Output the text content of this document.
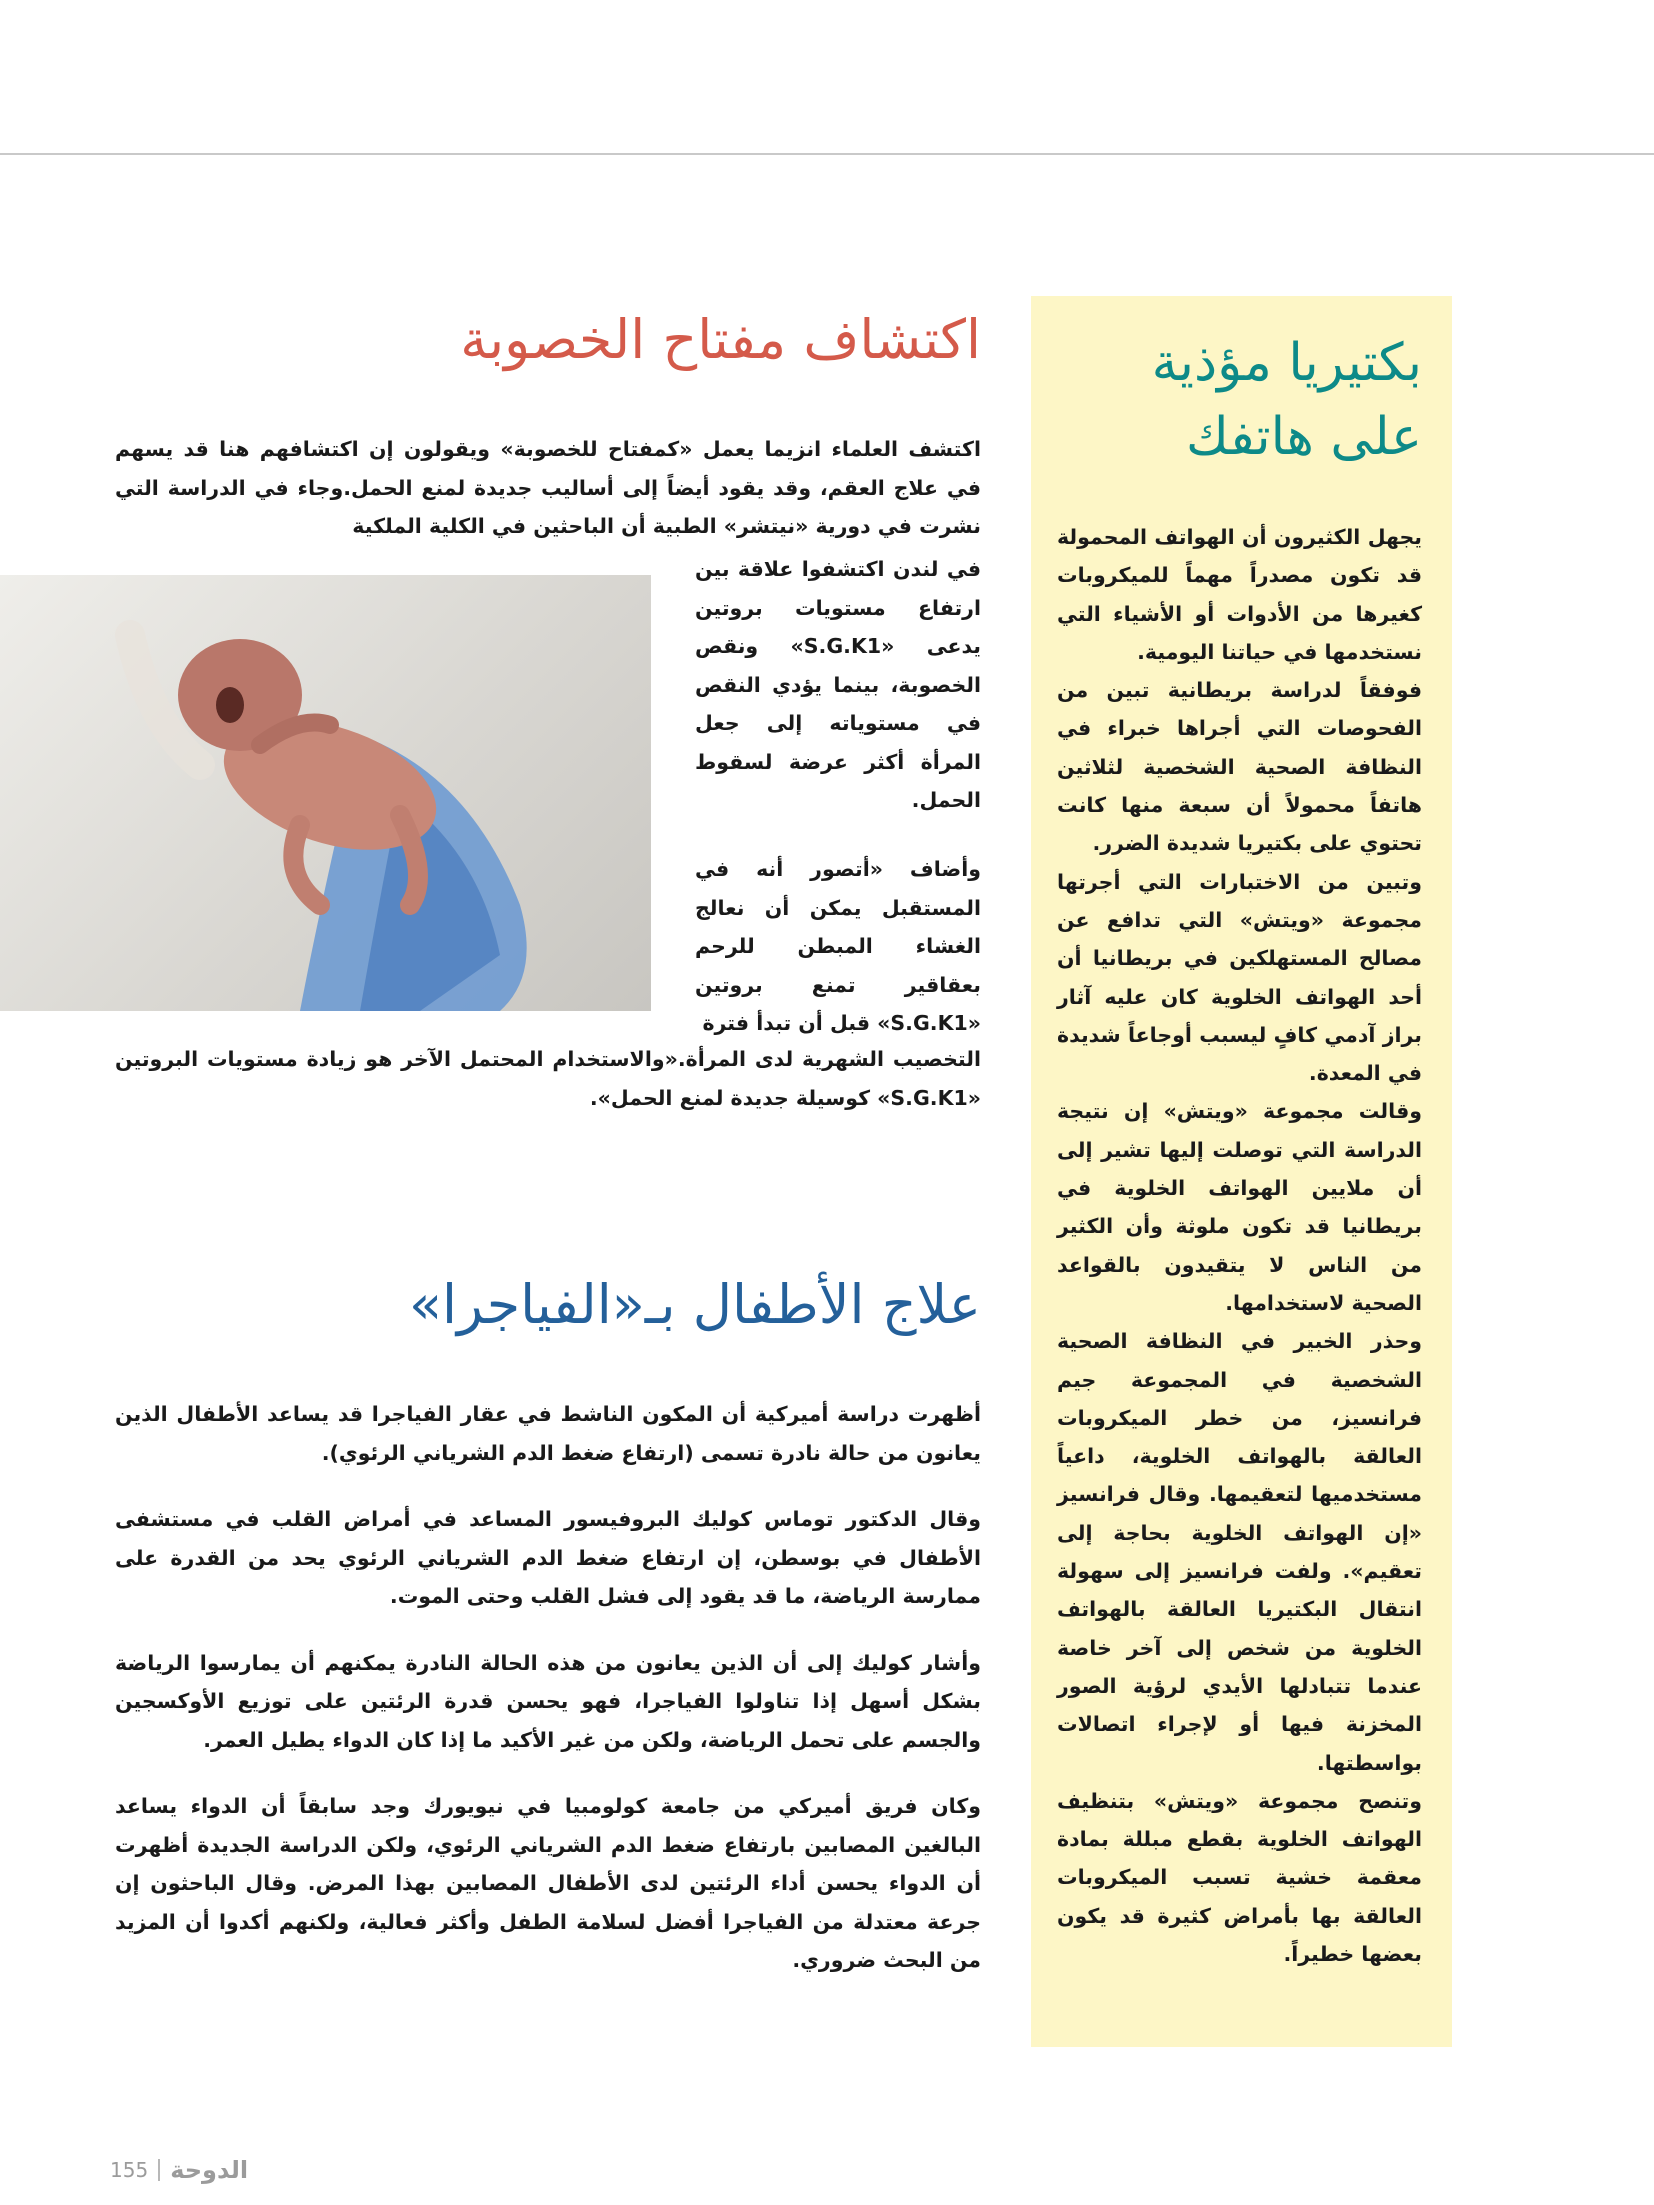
بكتيريا مؤذية
على هاتفك

يجهل الكثيرون أن الهواتف المحمولة قد تكون مصدراً مهماً للميكروبات كغيرها من الأدوات أو الأشياء التي نستخدمها في حياتنا اليومية.

فوفقاً لدراسة بريطانية تبين من الفحوصات التي أجراها خبراء في النظافة الصحية الشخصية لثلاثين هاتفاً محمولاً أن سبعة منها كانت تحتوي على بكتيريا شديدة الضرر.

وتبين من الاختبارات التي أجرتها مجموعة «ويتش» التي تدافع عن مصالح المستهلكين في بريطانيا أن أحد الهواتف الخلوية كان عليه آثار براز آدمي كافٍ ليسبب أوجاعاً شديدة في المعدة.

وقالت مجموعة «ويتش» إن نتيجة الدراسة التي توصلت إليها تشير إلى أن ملايين الهواتف الخلوية في بريطانيا قد تكون ملوثة وأن الكثير من الناس لا يتقيدون بالقواعد الصحية لاستخدامها.

وحذر الخبير في النظافة الصحية الشخصية في المجموعة جيم فرانسيز، من خطر الميكروبات العالقة بالهواتف الخلوية، داعياً مستخدميها لتعقيمها. وقال فرانسيز «إن الهواتف الخلوية بحاجة إلى تعقيم». ولفت فرانسيز إلى سهولة انتقال البكتيريا العالقة بالهواتف الخلوية من شخص إلى آخر خاصة عندما تتبادلها الأيدي لرؤية الصور المخزنة فيها أو لإجراء اتصالات بواسطتها.

وتنصح مجموعة «ويتش» بتنظيف الهواتف الخلوية بقطع مبللة بمادة معقمة خشية تسبب الميكروبات العالقة بها بأمراض كثيرة قد يكون بعضها خطيراً.

اكتشاف مفتاح الخصوبة

اكتشف العلماء انزيما يعمل «كمفتاح للخصوبة» ويقولون إن اكتشافهم هنا قد يسهم في علاج العقم، وقد يقود أيضاً إلى أساليب جديدة لمنع الحمل.وجاء في الدراسة التي نشرت في دورية «نيتشر» الطبية أن الباحثين في الكلية الملكية

في لندن اكتشفوا علاقة بين ارتفاع مستويات بروتين يدعى «S.G.K1» ونقص الخصوبة، بينما يؤدي النقص في مستوياته إلى جعل المرأة أكثر عرضة لسقوط الحمل.

وأضاف «أتصور أنه في المستقبل يمكن أن نعالج الغشاء المبطن للرحم بعقاقير تمنع بروتين «S.G.K1» قبل أن تبدأ فترة

التخصيب الشهرية لدى المرأة.«والاستخدام المحتمل الآخر هو زيادة مستويات البروتين «S.G.K1» كوسيلة جديدة لمنع الحمل».

علاج الأطفال بـ«الفياجرا»

أظهرت دراسة أميركية أن المكون الناشط في عقار الفياجرا قد يساعد الأطفال الذين يعانون من حالة نادرة تسمى (ارتفاع ضغط الدم الشرياني الرئوي).

وقال الدكتور توماس كوليك البروفيسور المساعد في أمراض القلب في مستشفى الأطفال في بوسطن، إن ارتفاع ضغط الدم الشرياني الرئوي يحد من القدرة على ممارسة الرياضة، ما قد يقود إلى فشل القلب وحتى الموت.

وأشار كوليك إلى أن الذين يعانون من هذه الحالة النادرة يمكنهم أن يمارسوا الرياضة بشكل أسهل إذا تناولوا الفياجرا، فهو يحسن قدرة الرئتين على توزيع الأوكسجين والجسم على تحمل الرياضة، ولكن من غير الأكيد ما إذا كان الدواء يطيل العمر.

وكان فريق أميركي من جامعة كولومبيا في نيويورك وجد سابقاً أن الدواء يساعد البالغين المصابين بارتفاع ضغط الدم الشرياني الرئوي، ولكن الدراسة الجديدة أظهرت أن الدواء يحسن أداء الرئتين لدى الأطفال المصابين بهذا المرض. وقال الباحثون إن جرعة معتدلة من الفياجرا أفضل لسلامة الطفل وأكثر فعالية، ولكنهم أكدوا أن المزيد من البحث ضروري.

155 الدوحة
